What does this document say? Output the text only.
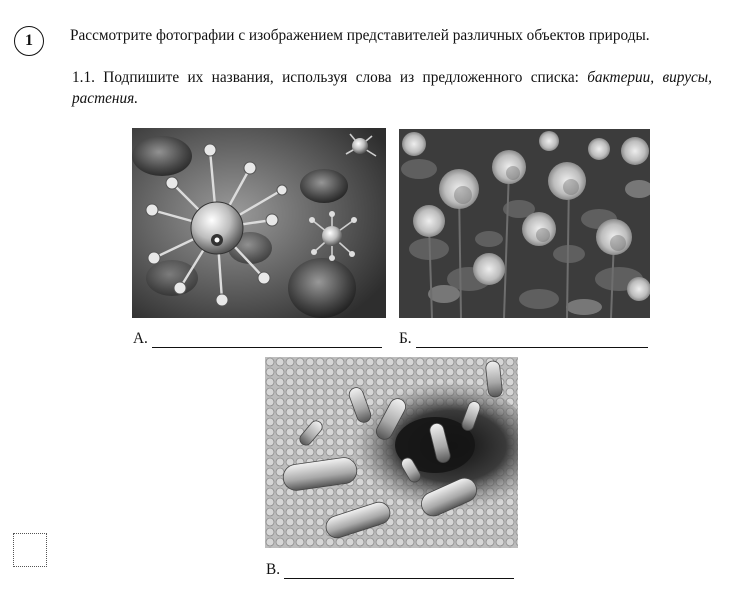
1	Рассмотрите фотографии с изображением представителей различных объектов природы.
1.1. Подпишите их названия, используя слова из предложенного списка: бактерии, вирусы, растения.
А.	Б.
В.
